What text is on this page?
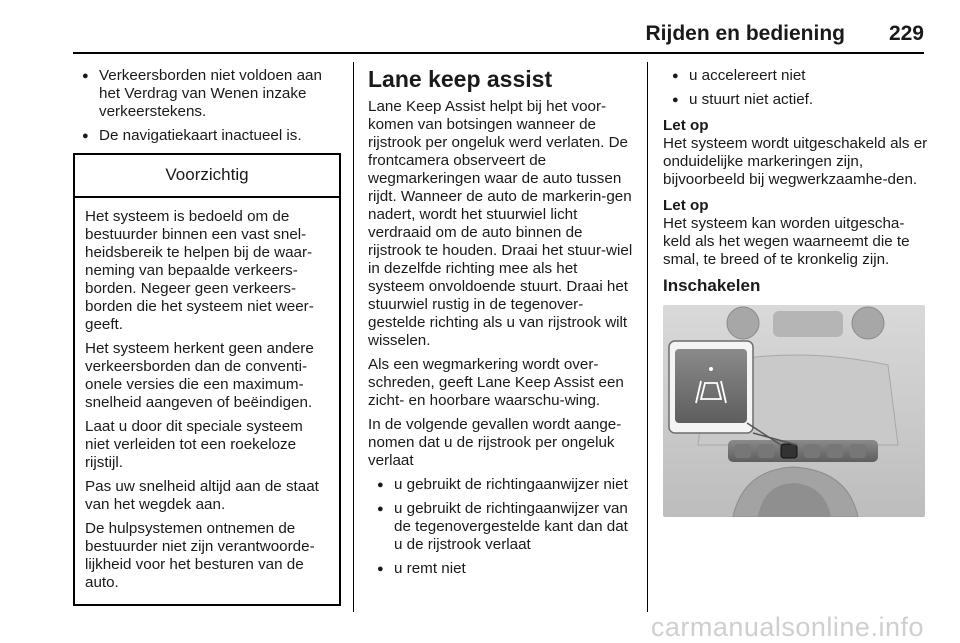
Rijden en bediening 229
● Verkeersborden niet voldoen aan het Verdrag van Wenen inzake verkeerstekens.
● De navigatiekaart inactueel is.
Voorzichtig

Het systeem is bedoeld om de bestuurder binnen een vast snel-heidsbereik te helpen bij de waar-neming van bepaalde verkeers-borden. Negeer geen verkeers-borden die het systeem niet weer-geeft.

Het systeem herkent geen andere verkeersborden dan de conventi-onele versies die een maximum-snelheid aangeven of beëindigen.

Laat u door dit speciale systeem niet verleiden tot een roekeloze rijstijl.

Pas uw snelheid altijd aan de staat van het wegdek aan.

De hulpsystemen ontnemen de bestuurder niet zijn verantwoorde-lijkheid voor het besturen van de auto.

Lane keep assist

Lane Keep Assist helpt bij het voor-komen van botsingen wanneer de rijstrook per ongeluk werd verlaten. De frontcamera observeert de wegmarkeringen waar de auto tussen rijdt. Wanneer de auto de markerin-gen nadert, wordt het stuurwiel licht verdraaid om de auto binnen de rijstrook te houden. Draai het stuur-wiel in dezelfde richting mee als het systeem onvoldoende stuurt. Draai het stuurwiel rustig in de tegenover-gestelde richting als u van rijstrook wilt wisselen.

Als een wegmarkering wordt over-schreden, geeft Lane Keep Assist een zicht- en hoorbare waarschu-wing.

In de volgende gevallen wordt aange-nomen dat u de rijstrook per ongeluk verlaat

● u gebruikt de richtingaanwijzer niet
● u gebruikt de richtingaanwijzer van de tegenovergestelde kant dan dat u de rijstrook verlaat
● u remt niet
● u accelereert niet
● u stuurt niet actief.
Let op

Het systeem wordt uitgeschakeld als er onduidelijke markeringen zijn, bijvoorbeeld bij wegwerkzaamhe-den.

Let op

Het systeem kan worden uitgescha-keld als het wegen waarneemt die te smal, te breed of te kronkelig zijn.

Inschakelen
carmanualsonline.info
